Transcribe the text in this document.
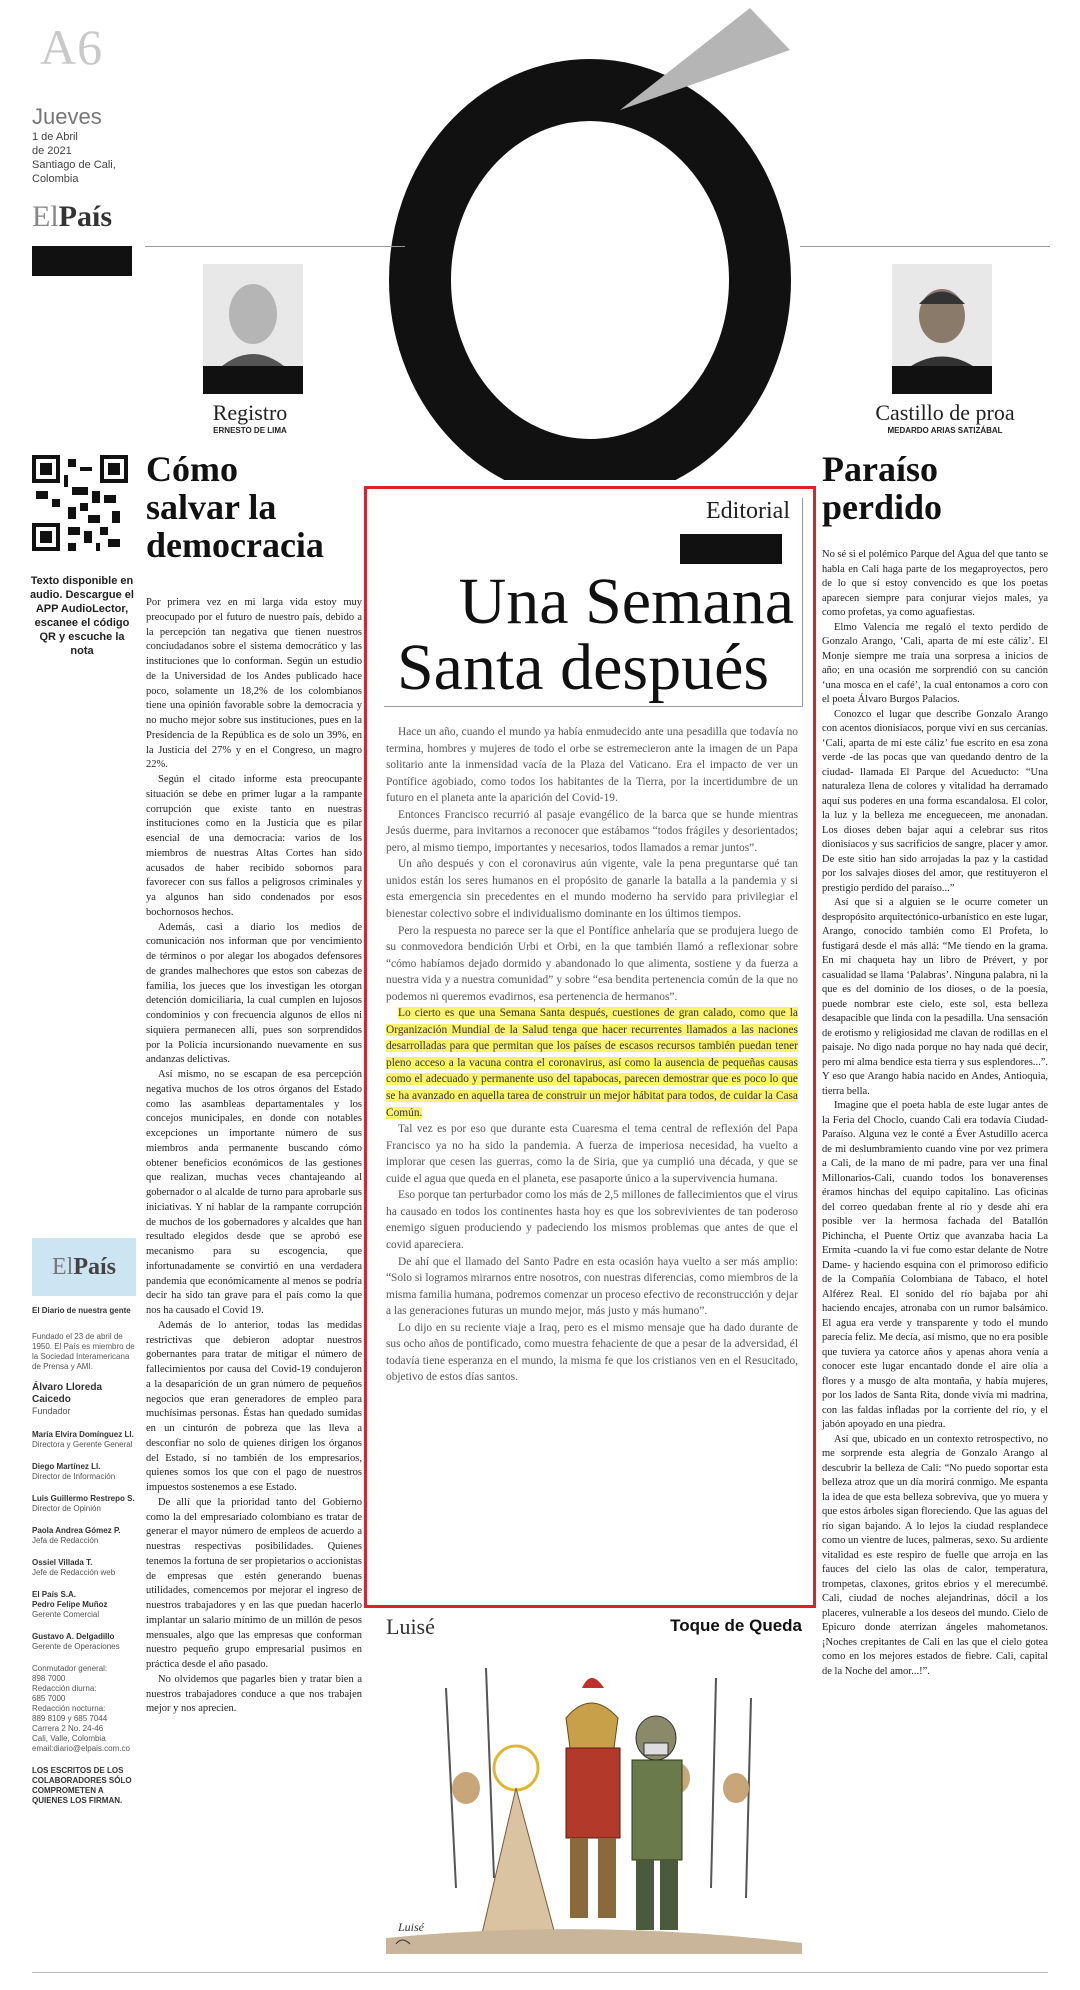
A6
Jueves
1 de Abril
de 2021
Santiago de Cali,
Colombia
ElPaís
Registro
ERNESTO DE LIMA
Castillo de proa
MEDARDO ARIAS SATIZÁBAL
Texto disponible en audio. Descargue el APP AudioLector, escanee el código QR y escuche la nota
El País
El Diario de nuestra gente
Fundado el 23 de abril de 1950. El País es miembro de la Sociedad Interamericana de Prensa y AMI.
Álvaro Lloreda Caicedo
Fundador
María Elvira Domínguez Ll.
Directora y Gerente General
Diego Martínez Ll.
Director de Información
Luis Guillermo Restrepo S.
Director de Opinión
Paola Andrea Gómez P.
Jefa de Redacción
Ossiel Villada T.
Jefe de Redacción web
El País S.A.
Pedro Felipe Muñoz
Gerente Comercial
Gustavo A. Delgadillo
Gerente de Operaciones
Conmutador general:
898 7000
Redacción diurna:
685 7000
Redacción nocturna:
889 8109 y 685 7044
Carrera 2 No. 24-46
Cali, Valle, Colombia
email:diario@elpais.com.co
LOS ESCRITOS DE LOS COLABORADORES SÓLO COMPROMETEN A QUIENES LOS FIRMAN.
Cómo
salvar la
democracia

Por primera vez en mi larga vida estoy muy preocupado por el futuro de nuestro país, debido a la percepción tan negativa que tienen nuestros conciudadanos sobre el sistema democrático y las instituciones que lo conforman. Según un estudio de la Universidad de los Andes publicado hace poco, solamente un 18,2% de los colombianos tiene una opinión favorable sobre la democracia y no mucho mejor sobre sus instituciones, pues en la Presidencia de la República es de solo un 39%, en la Justicia del 27% y en el Congreso, un magro 22%.

Según el citado informe esta preocupante situación se debe en primer lugar a la rampante corrupción que existe tanto en nuestras instituciones como en la Justicia que es pilar esencial de una democracia: varios de los miembros de nuestras Altas Cortes han sido acusados de haber recibido sobornos para favorecer con sus fallos a peligrosos criminales y ya algunos han sido condenados por esos bochornosos hechos.

Además, casi a diario los medios de comunicación nos informan que por vencimiento de términos o por alegar los abogados defensores de grandes malhechores que estos son cabezas de familia, los jueces que los investigan les otorgan detención domiciliaria, la cual cumplen en lujosos condominios y con frecuencia algunos de ellos ni siquiera permanecen allí, pues son sorprendidos por la Policía incursionando nuevamente en sus andanzas delictivas.

Así mismo, no se escapan de esa percepción negativa muchos de los otros órganos del Estado como las asambleas departamentales y los concejos municipales, en donde con notables excepciones un importante número de sus miembros anda permanente buscando cómo obtener beneficios económicos de las gestiones que realizan, muchas veces chantajeando al gobernador o al alcalde de turno para aprobarle sus iniciativas. Y ni hablar de la rampante corrupción de muchos de los gobernadores y alcaldes que han resultado elegidos desde que se aprobó ese mecanismo para su escogencia, que infortunadamente se convirtió en una verdadera pandemia que económicamente al menos se podría decir ha sido tan grave para el país como la que nos ha causado el Covid 19.

Además de lo anterior, todas las medidas restrictivas que debieron adoptar nuestros gobernantes para tratar de mitigar el número de fallecimientos por causa del Covid-19 condujeron a la desaparición de un gran número de pequeños negocios que eran generadores de empleo para muchísimas personas. Éstas han quedado sumidas en un cinturón de pobreza que las lleva a desconfiar no solo de quienes dirigen los órganos del Estado, si no también de los empresarios, quienes somos los que con el pago de nuestros impuestos sostenemos a ese Estado.

De allí que la prioridad tanto del Gobierno como la del empresariado colombiano es tratar de generar el mayor número de empleos de acuerdo a nuestras respectivas posibilidades. Quienes tenemos la fortuna de ser propietarios o accionistas de empresas que estén generando buenas utilidades, comencemos por mejorar el ingreso de nuestros trabajadores y en las que puedan hacerlo implantar un salario mínimo de un millón de pesos mensuales, algo que las empresas que conforman nuestro pequeño grupo empresarial pusimos en práctica desde el año pasado.

No olvidemos que pagarles bien y tratar bien a nuestros trabajadores conduce a que nos trabajen mejor y nos aprecien.

Editorial
Una Semana
Santa después

Hace un año, cuando el mundo ya había enmudecido ante una pesadilla que todavía no termina, hombres y mujeres de todo el orbe se estremecieron ante la imagen de un Papa solitario ante la inmensidad vacía de la Plaza del Vaticano. Era el impacto de ver un Pontífice agobiado, como todos los habitantes de la Tierra, por la incertidumbre de un futuro en el planeta ante la aparición del Covid-19.

Entonces Francisco recurrió al pasaje evangélico de la barca que se hunde mientras Jesús duerme, para invitarnos a reconocer que estábamos “todos frágiles y desorientados; pero, al mismo tiempo, importantes y necesarios, todos llamados a remar juntos”.

Un año después y con el coronavirus aún vigente, vale la pena preguntarse qué tan unidos están los seres humanos en el propósito de ganarle la batalla a la pandemia y si esta emergencia sin precedentes en el mundo moderno ha servido para privilegiar el bienestar colectivo sobre el individualismo dominante en los últimos tiempos.

Pero la respuesta no parece ser la que el Pontífice anhelaría que se produjera luego de su conmovedora bendición Urbi et Orbi, en la que también llamó a reflexionar sobre “cómo habíamos dejado dormido y abandonado lo que alimenta, sostiene y da fuerza a nuestra vida y a nuestra comunidad” y sobre “esa bendita pertenencia común de la que no podemos ni queremos evadirnos, esa pertenencia de hermanos”.

Lo cierto es que una Semana Santa después, cuestiones de gran calado, como que la Organización Mundial de la Salud tenga que hacer recurrentes llamados a las naciones desarrolladas para que permitan que los países de escasos recursos también puedan tener pleno acceso a la vacuna contra el coronavirus, así como la ausencia de pequeñas causas como el adecuado y permanente uso del tapabocas, parecen demostrar que es poco lo que se ha avanzado en aquella tarea de construir un mejor hábitat para todos, de cuidar la Casa Común.

Tal vez es por eso que durante esta Cuaresma el tema central de reflexión del Papa Francisco ya no ha sido la pandemia. A fuerza de imperiosa necesidad, ha vuelto a implorar que cesen las guerras, como la de Siria, que ya cumplió una década, y que se cuide el agua que queda en el planeta, ese pasaporte único a la supervivencia humana.

Eso porque tan perturbador como los más de 2,5 millones de fallecimientos que el virus ha causado en todos los continentes hasta hoy es que los sobrevivientes de tan poderoso enemigo siguen produciendo y padeciendo los mismos problemas que antes de que el covid apareciera.

De ahí que el llamado del Santo Padre en esta ocasión haya vuelto a ser más amplio: “Solo si logramos mirarnos entre nosotros, con nuestras diferencias, como miembros de la misma familia humana, podremos comenzar un proceso efectivo de reconstrucción y dejar a las generaciones futuras un mundo mejor, más justo y más humano”.

Lo dijo en su reciente viaje a Iraq, pero es el mismo mensaje que ha dado durante de sus ocho años de pontificado, como muestra fehaciente de que a pesar de la adversidad, él todavía tiene esperanza en el mundo, la misma fe que los cristianos ven en el Resucitado, objetivo de estos días santos.

Luisé	Toque de Queda
Luisé
Paraíso
perdido

No sé si el polémico Parque del Agua del que tanto se habla en Cali haga parte de los megaproyectos, pero de lo que sí estoy convencido es que los poetas aparecen siempre para conjurar viejos males, ya como profetas, ya como aguafiestas.

Elmo Valencia me regaló el texto perdido de Gonzalo Arango, ‘Cali, aparta de mí este cáliz’. El Monje siempre me traía una sorpresa a inicios de año; en una ocasión me sorprendió con su canción ‘una mosca en el café’, la cual entonamos a coro con el poeta Álvaro Burgos Palacios.

Conozco el lugar que describe Gonzalo Arango con acentos dionisíacos, porque viví en sus cercanías. ‘Cali, aparta de mí este cáliz’ fue escrito en esa zona verde -de las pocas que van quedando dentro de la ciudad- llamada El Parque del Acueducto: “Una naturaleza llena de colores y vitalidad ha derramado aquí sus poderes en una forma escandalosa. El color, la luz y la belleza me encegueceen, me anonadan. Los dioses deben bajar aquí a celebrar sus ritos dionisíacos y sus sacrificios de sangre, placer y amor. De este sitio han sido arrojadas la paz y la castidad por los salvajes dioses del amor, que restituyeron el prestigio perdido del paraíso...”

Así que si a alguien se le ocurre cometer un despropósito arquitectónico-urbanístico en este lugar, Arango, conocido también como El Profeta, lo fustigará desde el más allá: “Me tiendo en la grama. En mi chaqueta hay un libro de Prévert, y por casualidad se llama ‘Palabras’. Ninguna palabra, ni la que es del dominio de los dioses, o de la poesía, puede nombrar este cielo, este sol, esta belleza desapacible que linda con la pesadilla. Una sensación de erotismo y religiosidad me clavan de rodillas en el paisaje. No digo nada porque no hay nada qué decir, pero mi alma bendice esta tierra y sus esplendores...”. Y eso que Arango había nacido en Andes, Antioquia, tierra bella.

Imagine que el poeta habla de este lugar antes de la Feria del Choclo, cuando Cali era todavía Ciudad-Paraíso. Alguna vez le conté a Éver Astudillo acerca de mi deslumbramiento cuando vine por vez primera a Cali, de la mano de mi padre, para ver una final Millonarios-Cali, cuando todos los bonaverenses éramos hinchas del equipo capitalino. Las oficinas del correo quedaban frente al río y desde ahí era posible ver la hermosa fachada del Batallón Pichincha, el Puente Ortiz que avanzaba hacia La Ermita -cuando la vi fue como estar delante de Notre Dame- y haciendo esquina con el primoroso edificio de la Compañía Colombiana de Tabaco, el hotel Alférez Real. El sonido del río bajaba por ahí haciendo encajes, atronaba con un rumor balsámico. El agua era verde y transparente y todo el mundo parecía feliz. Me decía, así mismo, que no era posible que tuviera ya catorce años y apenas ahora venía a conocer este lugar encantado donde el aire olía a flores y a musgo de alta montaña, y había mujeres, por los lados de Santa Rita, donde vivía mi madrina, con las faldas infladas por la corriente del río, y el jabón apoyado en una piedra.

Así que, ubicado en un contexto retrospectivo, no me sorprende esta alegría de Gonzalo Arango al descubrir la belleza de Cali: “No puedo soportar esta belleza atroz que un día morirá conmigo. Me espanta la idea de que esta belleza sobreviva, que yo muera y que estos árboles sigan floreciendo. Que las aguas del río sigan bajando. A lo lejos la ciudad resplandece como un vientre de luces, palmeras, sexo. Su ardiente vitalidad es este respiro de fuelle que arroja en las fauces del cielo las olas de calor, temperatura, trompetas, claxones, gritos ebrios y el merecumbé. Cali, ciudad de noches alejandrinas, dócil a los placeres, vulnerable a los deseos del mundo. Cielo de Epicuro donde aterrizan ángeles mahometanos. ¡Noches crepitantes de Cali en las que el cielo gotea como en los mejores estados de fiebre. Cali, capital de la Noche del amor...!”.
